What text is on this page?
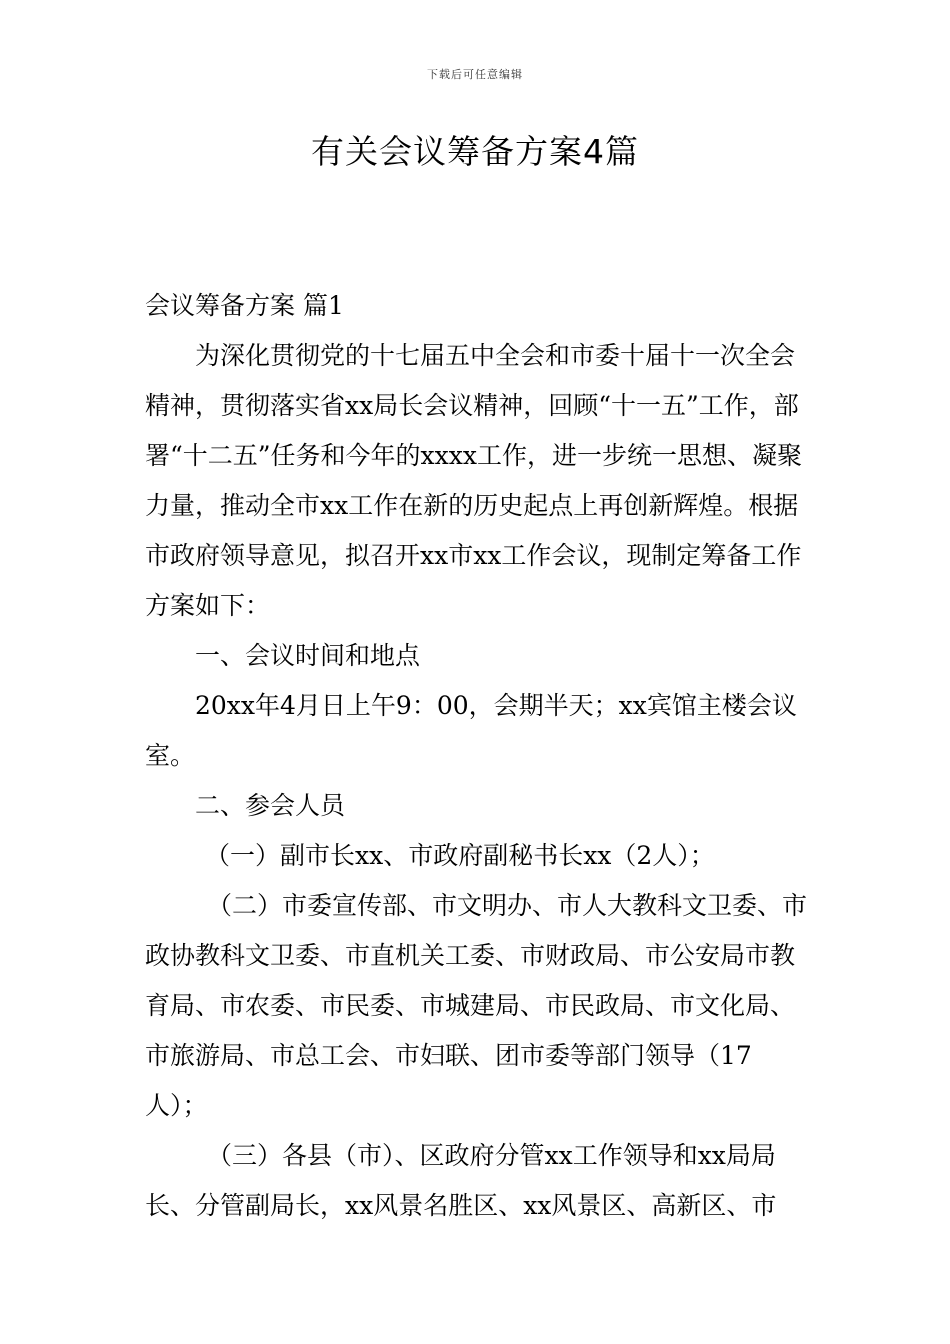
下载后可任意编辑
有关会议筹备方案4篇

会议筹备方案 篇1

为深化贯彻党的十七届五中全会和市委十届十一次全会精神，贯彻落实省xx局长会议精神，回顾“十一五”工作，部署“十二五”任务和今年的xxxx工作，进一步统一思想、凝聚力量，推动全市xx工作在新的历史起点上再创新辉煌。根据市政府领导意见，拟召开xx市xx工作会议，现制定筹备工作方案如下：

一、会议时间和地点

20xx年4月日上午9：00，会期半天；xx宾馆主楼会议室。

二、参会人员

（一）副市长xx、市政府副秘书长xx（2人）；

（二）市委宣传部、市文明办、市人大教科文卫委、市政协教科文卫委、市直机关工委、市财政局、市公安局市教育局、市农委、市民委、市城建局、市民政局、市文化局、市旅游局、市总工会、市妇联、团市委等部门领导（17人）；

（三）各县（市）、区政府分管xx工作领导和xx局局长、分管副局长，xx风景名胜区、xx风景区、高新区、市
